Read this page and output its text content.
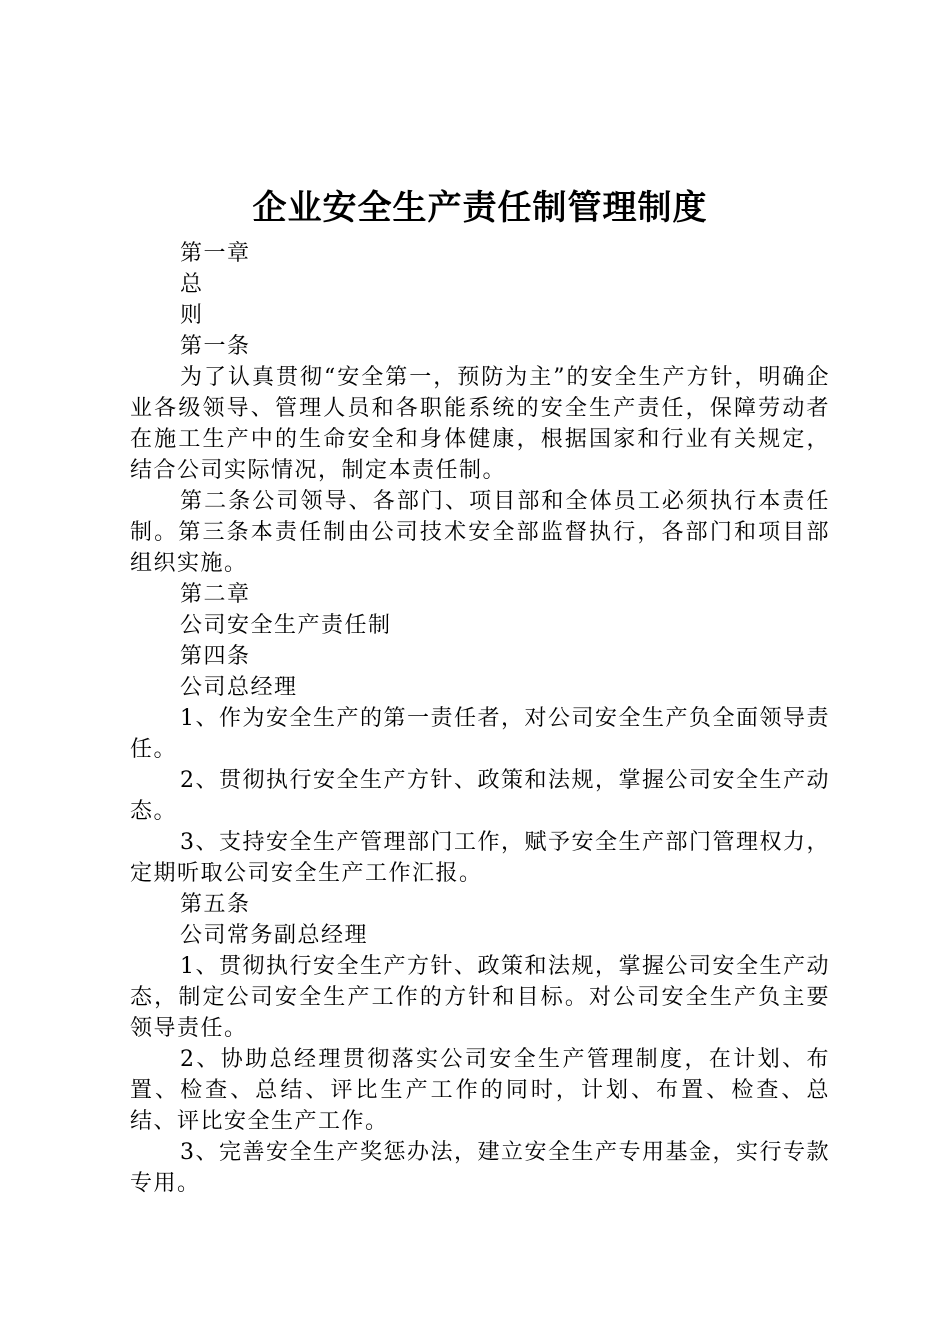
企业安全生产责任制管理制度

第一章

总

则

第一条

为了认真贯彻“安全第一，预防为主”的安全生产方针，明确企业各级领导、管理人员和各职能系统的安全生产责任，保障劳动者在施工生产中的生命安全和身体健康，根据国家和行业有关规定，结合公司实际情况，制定本责任制。

第二条公司领导、各部门、项目部和全体员工必须执行本责任制。第三条本责任制由公司技术安全部监督执行，各部门和项目部组织实施。

第二章

公司安全生产责任制

第四条

公司总经理

1、作为安全生产的第一责任者，对公司安全生产负全面领导责任。

2、贯彻执行安全生产方针、政策和法规，掌握公司安全生产动态。

3、支持安全生产管理部门工作，赋予安全生产部门管理权力，定期听取公司安全生产工作汇报。

第五条

公司常务副总经理

1、贯彻执行安全生产方针、政策和法规，掌握公司安全生产动态，制定公司安全生产工作的方针和目标。对公司安全生产负主要领导责任。

2、协助总经理贯彻落实公司安全生产管理制度，在计划、布置、检查、总结、评比生产工作的同时，计划、布置、检查、总结、评比安全生产工作。

3、完善安全生产奖惩办法，建立安全生产专用基金，实行专款专用。
